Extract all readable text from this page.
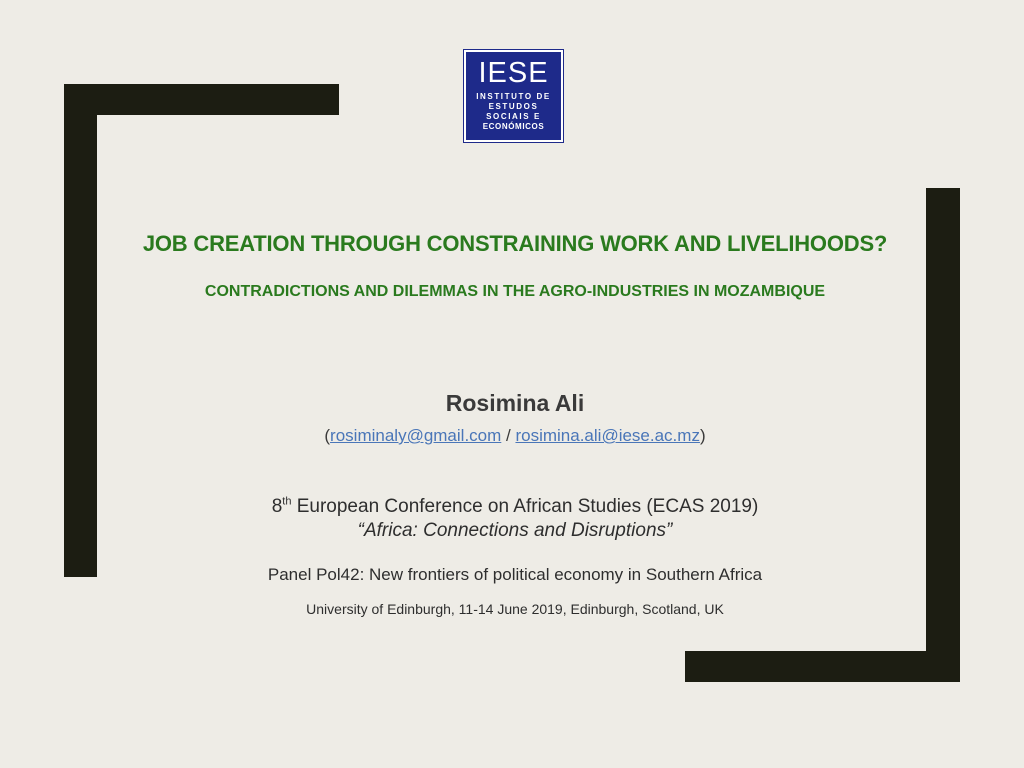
IESE
INSTITUTO DE
ESTUDOS
SOCIAIS E
ECONÓMICOS
JOB CREATION THROUGH CONSTRAINING WORK AND LIVELIHOODS?
CONTRADICTIONS AND DILEMMAS IN THE AGRO-INDUSTRIES IN MOZAMBIQUE
Rosimina Ali
(rosiminaly@gmail.com / rosimina.ali@iese.ac.mz)
8th European Conference on African Studies (ECAS 2019)
“Africa: Connections and Disruptions”
Panel Pol42: New frontiers of political economy in Southern Africa
University of Edinburgh, 11-14 June 2019, Edinburgh, Scotland, UK
